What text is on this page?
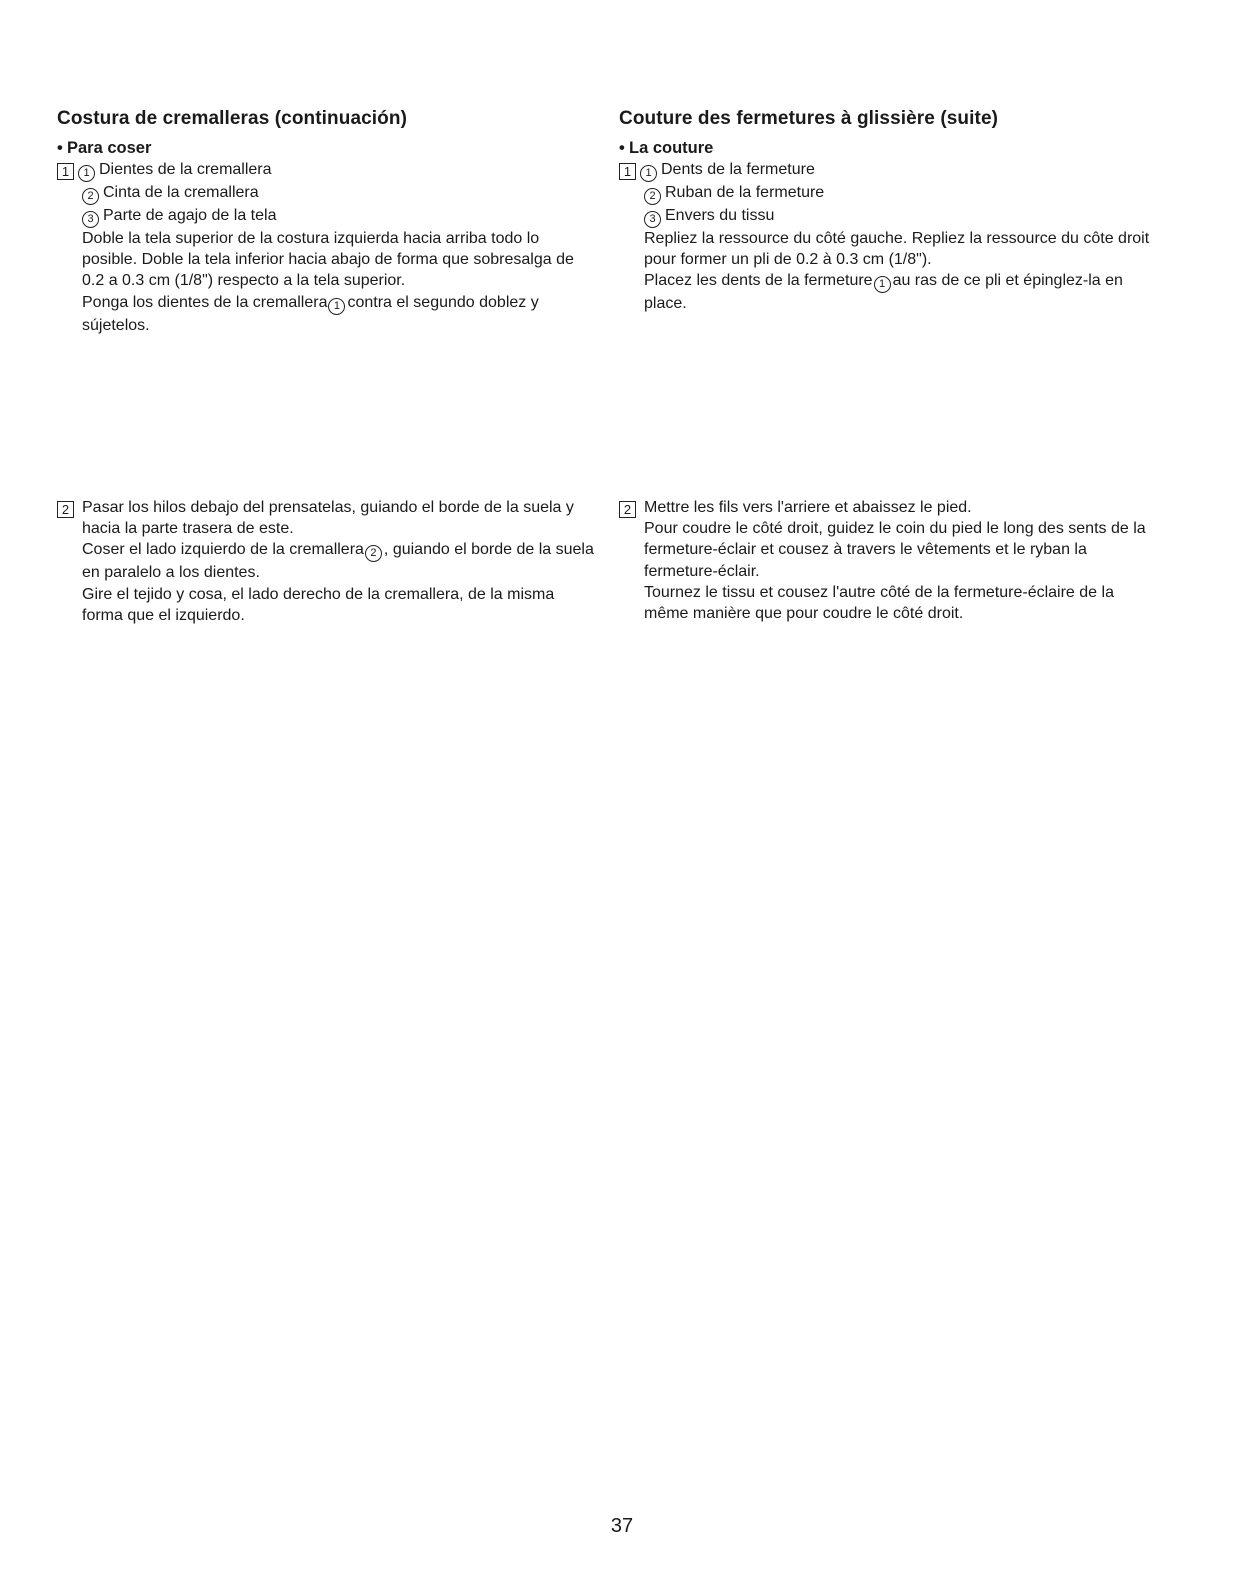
Costura de cremalleras (continuación)
• Para coser
1 1 Dientes de la cremallera
2 Cinta de la cremallera
3 Parte de agajo de la tela
Doble la tela superior de la costura izquierda hacia arriba todo lo posible. Doble la tela inferior hacia abajo de forma que sobresalga de 0.2 a 0.3 cm (1/8") respecto a la tela superior.
Ponga los dientes de la cremallera 1 contra el segundo doblez y sújetelos.
Couture des fermetures à glissière (suite)
• La couture
1 1 Dents de la fermeture
2 Ruban de la fermeture
3 Envers du tissu
Repliez la ressource du côté gauche. Repliez la ressource du côte droit pour former un pli de 0.2 à 0.3 cm (1/8").
Placez les dents de la fermeture 1 au ras de ce pli et épinglez-la en place.
2 Pasar los hilos debajo del prensatelas, guiando el borde de la suela y hacia la parte trasera de este.
Coser el lado izquierdo de la cremallera 2 , guiando el borde de la suela en paralelo a los dientes.
Gire el tejido y cosa, el lado derecho de la cremallera, de la misma forma que el izquierdo.
2 Mettre les fils vers l'arriere et abaissez le pied.
Pour coudre le côté droit, guidez le coin du pied le long des sents de la fermeture-éclair et cousez à travers le vêtements et le ryban la fermeture-éclair.
Tournez le tissu et cousez l'autre côté de la fermeture-éclaire de la même manière que pour coudre le côté droit.
37
